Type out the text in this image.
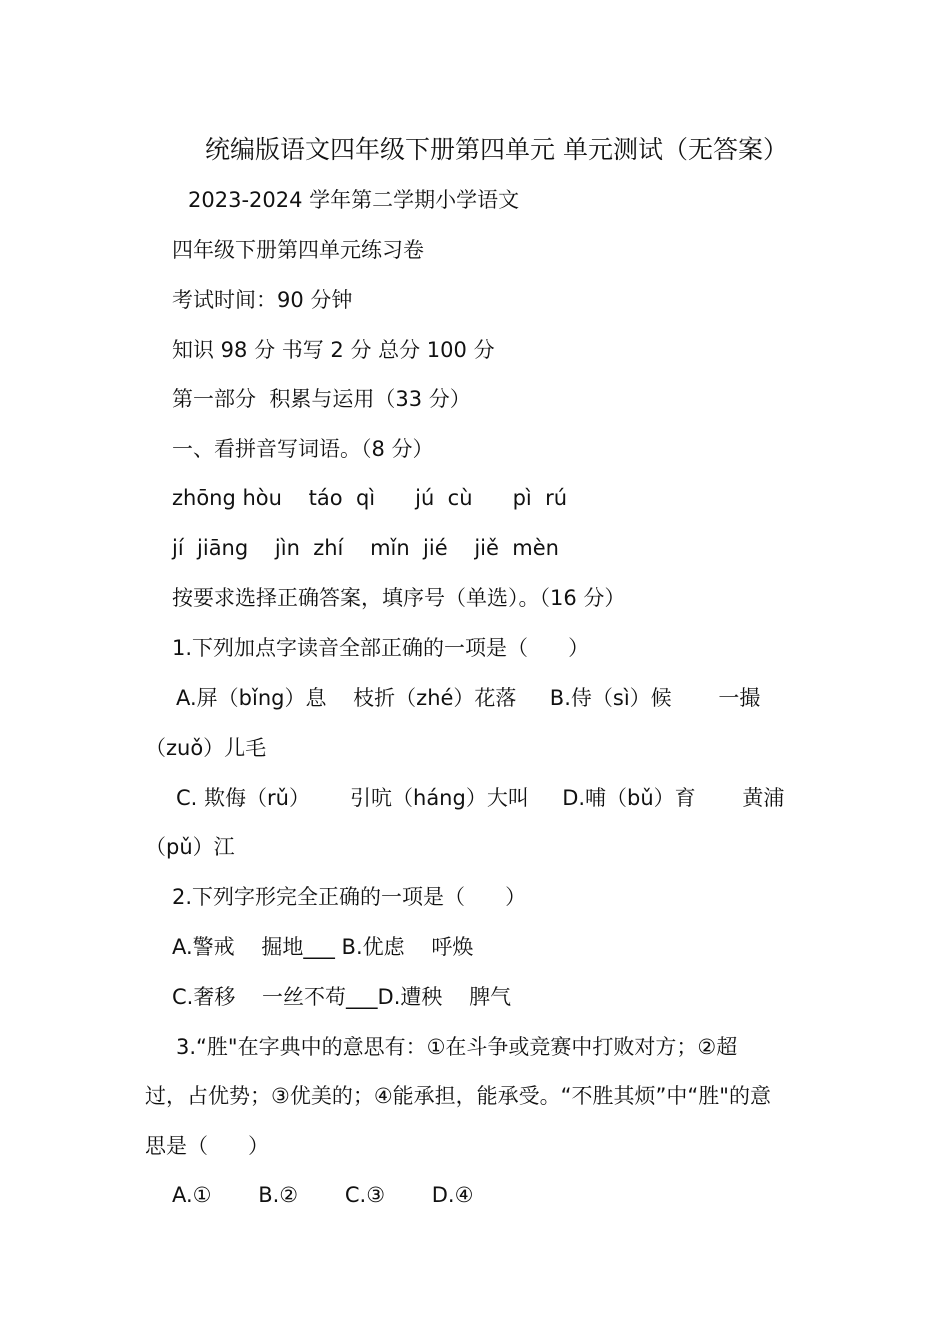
统编版语文四年级下册第四单元 单元测试（无答案）
2023-2024 学年第二学期小学语文
四年级下册第四单元练习卷
考试时间：90 分钟
知识 98 分 书写 2 分 总分 100 分
第一部分  积累与运用（33 分）
一、看拼音写词语。（8 分）
zhōng hòu    táo  qì      jú  cù      pì  rú
jí  jiāng    jìn  zhí    mǐn  jié    jiě  mèn
按要求选择正确答案，填序号（单选）。（16 分）
1.下列加点字读音全部正确的一项是（      ）
A.屏（bǐng）息    枝折（zhé）花落     B.侍（sì）候       一撮
（zuǒ）儿毛
C. 欺侮（rǔ）      引吭（háng）大叫     D.哺（bǔ）育       黄浦
（pǔ）江
2.下列字形完全正确的一项是（      ）
A.警戒    掘地___ B.优虑    呼焕
C.奢移    一丝不苟___D.遭秧    脾气
3.“胜"在字典中的意思有：①在斗争或竞赛中打败对方；②超
过，占优势；③优美的；④能承担，能承受。“不胜其烦”中“胜"的意
思是（      ）
A.①       B.②       C.③       D.④
